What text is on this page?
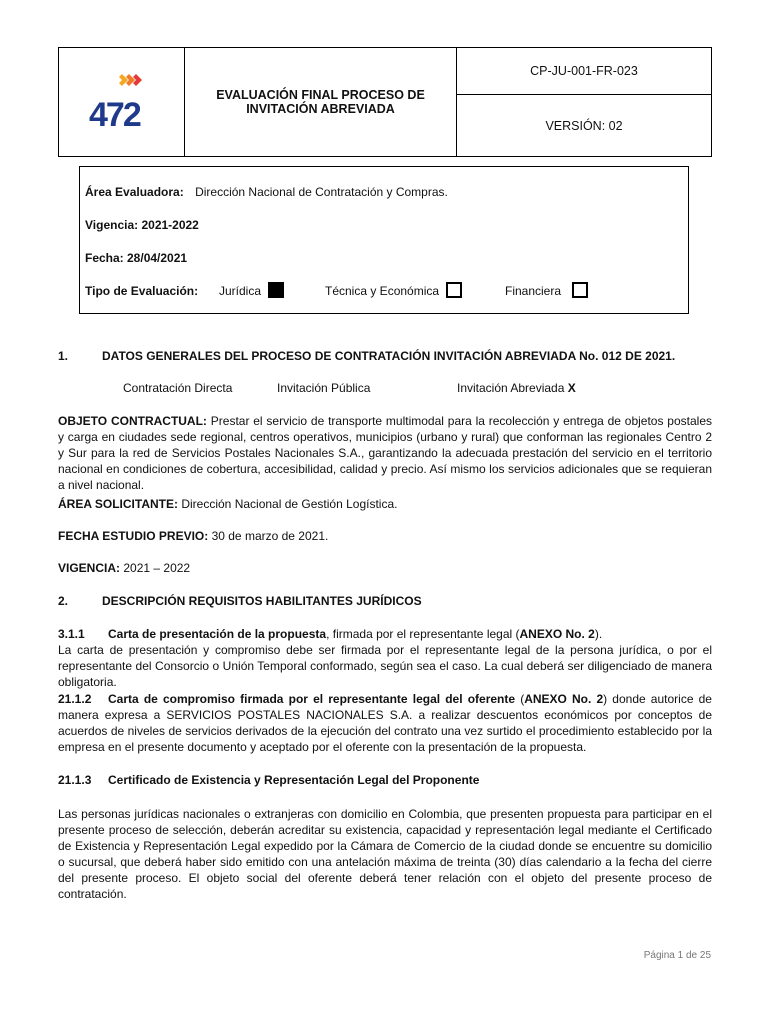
472
EVALUACIÓN FINAL PROCESO DE
INVITACIÓN ABREVIADA
CP-JU-001-FR-023
VERSIÓN: 02
Área Evaluadora: Dirección Nacional de Contratación y Compras.
Vigencia: 2021-2022
Fecha: 28/04/2021
Tipo de Evaluación: Jurídica	Técnica y Económica	Financiera
1.	DATOS GENERALES DEL PROCESO DE CONTRATACIÓN INVITACIÓN ABREVIADA No. 012 DE 2021.
Contratación Directa	Invitación Pública	Invitación Abreviada X
OBJETO CONTRACTUAL: Prestar el servicio de transporte multimodal para la recolección y entrega de objetos postales y carga en ciudades sede regional, centros operativos, municipios (urbano y rural) que conforman las regionales Centro 2 y Sur para la red de Servicios Postales Nacionales S.A., garantizando la adecuada prestación del servicio en el territorio nacional en condiciones de cobertura, accesibilidad, calidad y precio. Así mismo los servicios adicionales que se requieran a nivel nacional.
ÁREA SOLICITANTE: Dirección Nacional de Gestión Logística.
FECHA ESTUDIO PREVIO: 30 de marzo de 2021.
VIGENCIA: 2021 – 2022
2.	DESCRIPCIÓN REQUISITOS HABILITANTES JURÍDICOS
3.1.1 Carta de presentación de la propuesta, firmada por el representante legal (ANEXO No. 2).
La carta de presentación y compromiso debe ser firmada por el representante legal de la persona jurídica, o por el representante del Consorcio o Unión Temporal conformado, según sea el caso. La cual deberá ser diligenciado de manera obligatoria.
21.1.2 Carta de compromiso firmada por el representante legal del oferente (ANEXO No. 2) donde autorice de manera expresa a SERVICIOS POSTALES NACIONALES S.A. a realizar descuentos económicos por conceptos de acuerdos de niveles de servicios derivados de la ejecución del contrato una vez surtido el procedimiento establecido por la empresa en el presente documento y aceptado por el oferente con la presentación de la propuesta.
21.1.3 Certificado de Existencia y Representación Legal del Proponente
Las personas jurídicas nacionales o extranjeras con domicilio en Colombia, que presenten propuesta para participar en el presente proceso de selección, deberán acreditar su existencia, capacidad y representación legal mediante el Certificado de Existencia y Representación Legal expedido por la Cámara de Comercio de la ciudad donde se encuentre su domicilio o sucursal, que deberá haber sido emitido con una antelación máxima de treinta (30) días calendario a la fecha del cierre del presente proceso. El objeto social del oferente deberá tener relación con el objeto del presente proceso de contratación.
Página 1 de 25
